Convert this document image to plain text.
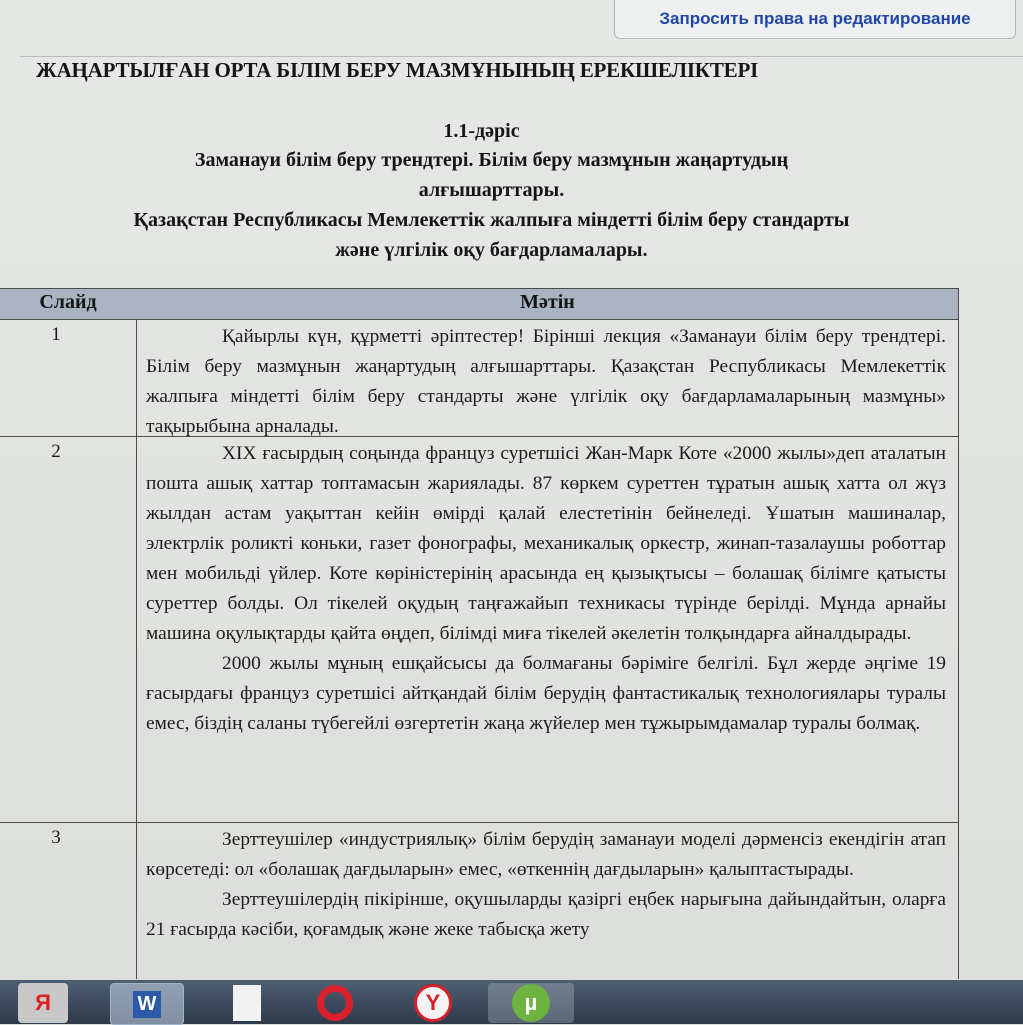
Запросить права на редактирование
ЖАҢАРТЫЛҒАН ОРТА БІЛІМ БЕРУ МАЗМҰНЫНЫҢ ЕРЕКШЕЛІКТЕРІ
1.1-дәріс
Заманауи білім беру трендтері. Білім беру мазмұнын жаңартудың
алғышарттары.
Қазақстан Республикасы Мемлекеттік жалпыға міндетті білім беру стандарты
және үлгілік оқу бағдарламалары.
Слайд	Мәтін
1	Қайырлы күн, құрметті әріптестер! Бірінші лекция «Заманауи білім беру трендтері. Білім беру мазмұнын жаңартудың алғышарттары. Қазақстан Республикасы Мемлекеттік жалпыға міндетті білім беру стандарты және үлгілік оқу бағдарламаларының мазмұны» тақырыбына арналады.

2	XIX ғасырдың соңында француз суретшісі Жан-Марк Коте «2000 жылы»деп аталатын пошта ашық хаттар топтамасын жариялады. 87 көркем суреттен тұратын ашық хатта ол жүз жылдан астам уақыттан кейін өмірді қалай елестетінін бейнеледі. Ұшатын машиналар, электрлік роликті коньки, газет фонографы, механикалық оркестр, жинап-тазалаушы роботтар мен мобильді үйлер. Коте көріністерінің арасында ең қызықтысы – болашақ білімге қатысты суреттер болды. Ол тікелей оқудың таңғажайып техникасы түрінде берілді. Мұнда арнайы машина оқулықтарды қайта өңдеп, білімді миға тікелей әкелетін толқындарға айналдырады.

2000 жылы мұның ешқайсысы да болмағаны бәріміге белгілі. Бұл жерде әңгіме 19 ғасырдағы француз суретшісі айтқандай білім берудің фантастикалық технологиялары туралы емес, біздің саланы түбегейлі өзгертетін жаңа жүйелер мен тұжырымдамалар туралы болмақ.

3	Зерттеушілер «индустриялық» білім берудің заманауи моделі дәрменсіз екендігін атап көрсетеді: ол «болашақ дағдыларын» емес, «өткеннің дағдыларын» қалыптастырады.

Зерттеушілердің пікірінше, оқушыларды қазіргі еңбек нарығына дайындайтын, оларға 21 ғасырда кәсіби, қоғамдық және жеке табысқа жету

Я	W	Y	µ
